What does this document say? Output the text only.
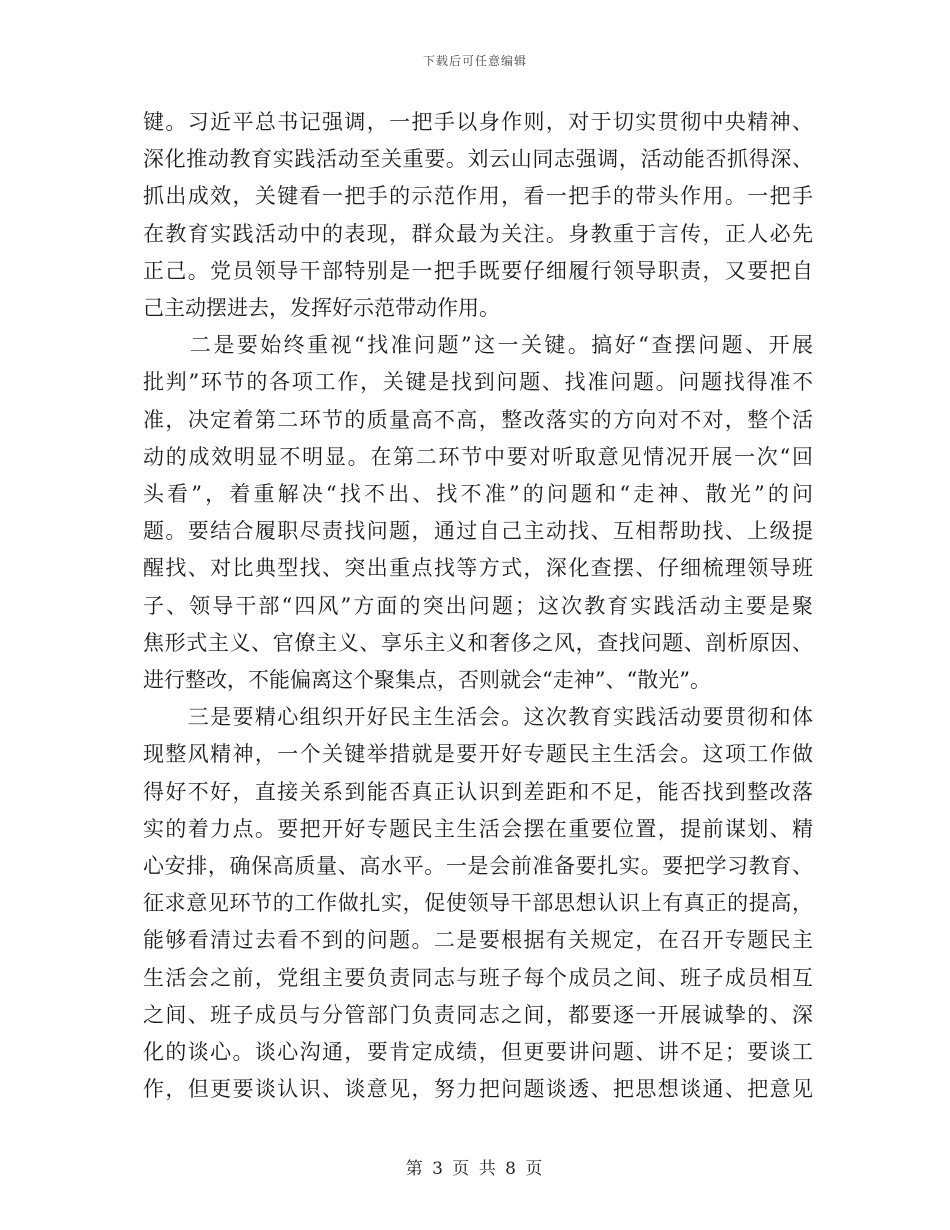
下载后可任意编辑
键。习近平总书记强调，一把手以身作则，对于切实贯彻中央精神、
深化推动教育实践活动至关重要。刘云山同志强调，活动能否抓得深、
抓出成效，关键看一把手的示范作用，看一把手的带头作用。一把手
在教育实践活动中的表现，群众最为关注。身教重于言传，正人必先
正己。党员领导干部特别是一把手既要仔细履行领导职责，又要把自
己主动摆进去，发挥好示范带动作用。
　　二是要始终重视“找准问题”这一关键。搞好“查摆问题、开展
批判”环节的各项工作，关键是找到问题、找准问题。问题找得准不
准，决定着第二环节的质量高不高，整改落实的方向对不对，整个活
动的成效明显不明显。在第二环节中要对听取意见情况开展一次“回
头看”，着重解决“找不出、找不准”的问题和“走神、散光”的问
题。要结合履职尽责找问题，通过自己主动找、互相帮助找、上级提
醒找、对比典型找、突出重点找等方式，深化查摆、仔细梳理领导班
子、领导干部“四风”方面的突出问题；这次教育实践活动主要是聚
焦形式主义、官僚主义、享乐主义和奢侈之风，查找问题、剖析原因、
进行整改，不能偏离这个聚集点，否则就会“走神”、“散光”。
　　三是要精心组织开好民主生活会。这次教育实践活动要贯彻和体
现整风精神，一个关键举措就是要开好专题民主生活会。这项工作做
得好不好，直接关系到能否真正认识到差距和不足，能否找到整改落
实的着力点。要把开好专题民主生活会摆在重要位置，提前谋划、精
心安排，确保高质量、高水平。一是会前准备要扎实。要把学习教育、
征求意见环节的工作做扎实，促使领导干部思想认识上有真正的提高，
能够看清过去看不到的问题。二是要根据有关规定，在召开专题民主
生活会之前，党组主要负责同志与班子每个成员之间、班子成员相互
之间、班子成员与分管部门负责同志之间，都要逐一开展诚挚的、深
化的谈心。谈心沟通，要肯定成绩，但更要讲问题、讲不足；要谈工
作，但更要谈认识、谈意见，努力把问题谈透、把思想谈通、把意见
第 3 页 共 8 页
